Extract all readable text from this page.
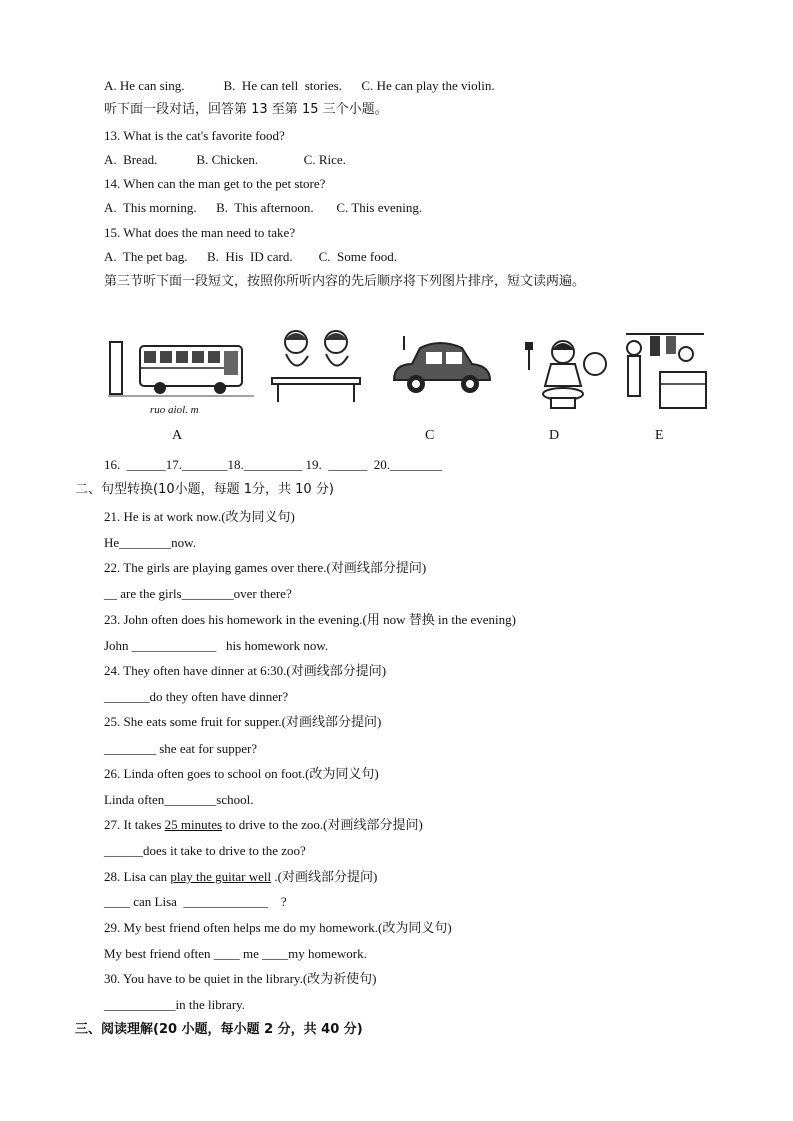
A. He can sing.            B.  He can tell  stories.      C. He can play the violin.
听下面一段对话，回答第 13 至第 15 三个小题。
13. What is the cat's favorite food?
A.  Bread.            B. Chicken.              C. Rice.
14. When can the man get to the pet store?
A.  This morning.      B.  This afternoon.       C. This evening.
15. What does the man need to take?
A.  The pet bag.      B.  His  ID card.        C.  Some food.
第三节听下面一段短文，按照你所听内容的先后顺序将下列图片排序，短文读两遍。
16.  ______17._______18._________ 19.  ______  20.________
二、句型转换(10小题，每题 1分，共 10 分)
21. He is at work now.(改为同义句)
He________now.
22. The girls are playing games over there.(对画线部分提问)
__ are the girls________over there?
23. John often does his homework in the evening.(用 now 替换 in the evening)
John _____________   his homework now.
24. They often have dinner at 6:30.(对画线部分提问)
_______do they often have dinner?
25. She eats some fruit for supper.(对画线部分提问)
________ she eat for supper?
26. Linda often goes to school on foot.(改为同义句)
Linda often________school.
______does it take to drive to the zoo?
____ can Lisa  _____________    ?
29. My best friend often helps me do my homework.(改为同义句)
My best friend often ____ me ____my homework.
30. You have to be quiet in the library.(改为祈使句)
___________in the library.
27. It takes 25 minutes to drive to the zoo.(对画线部分提问)
28. Lisa can play the guitar well .(对画线部分提问)
三、阅读理解(20 小题，每小题 2 分，共 40 分)
ruo aiol. m
A	C	D	E
